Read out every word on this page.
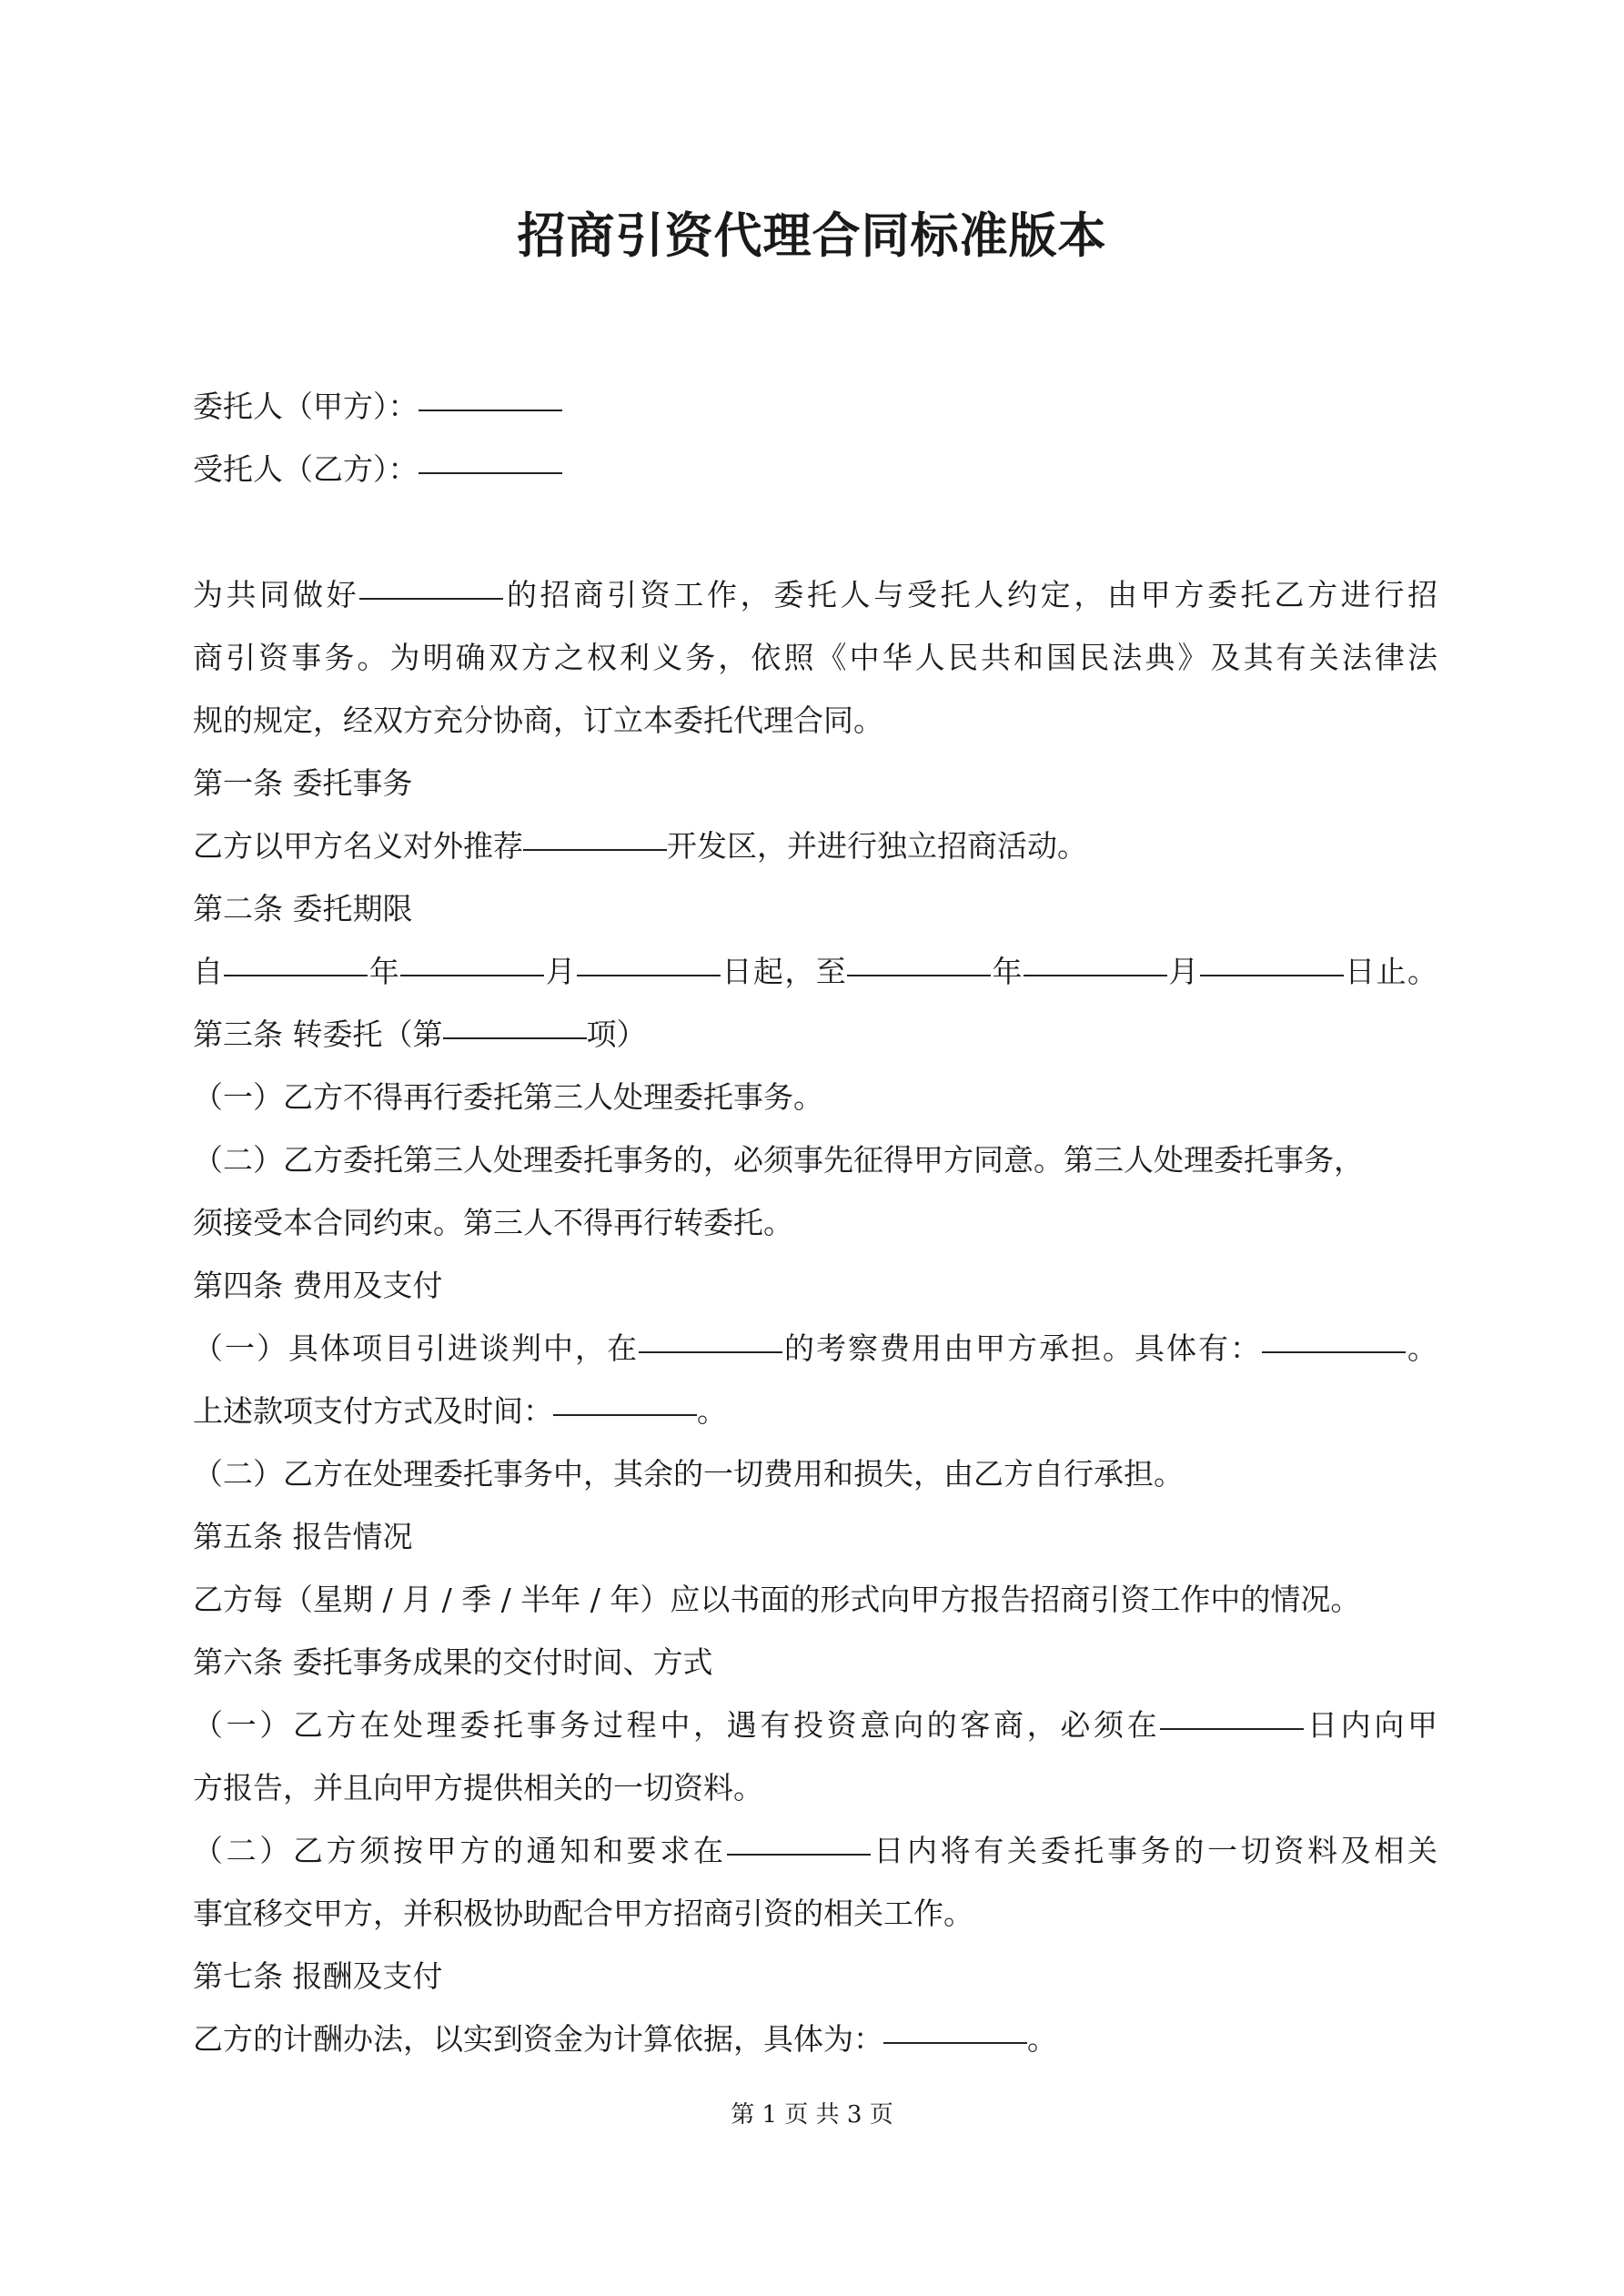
招商引资代理合同标准版本
委托人（甲方）：
受托人（乙方）：
为共同做好	的招商引资工作，委托人与受托人约定，由甲方委托乙方进行招
商引资事务。为明确双方之权利义务，依照《中华人民共和国民法典》及其有关法律法
规的规定，经双方充分协商，订立本委托代理合同。
第一条 委托事务
乙方以甲方名义对外推荐	开发区，并进行独立招商活动。
第二条 委托期限
自	年	月	日起，至	年	月	日止。
第三条 转委托（第	项）
（一）乙方不得再行委托第三人处理委托事务。
（二）乙方委托第三人处理委托事务的，必须事先征得甲方同意。第三人处理委托事务，
须接受本合同约束。第三人不得再行转委托。
第四条 费用及支付
（一）具体项目引进谈判中，在	的考察费用由甲方承担。具体有：	。
上述款项支付方式及时间：	。
（二）乙方在处理委托事务中，其余的一切费用和损失，由乙方自行承担。
第五条 报告情况
乙方每（星期 / 月 / 季 / 半年 / 年）应以书面的形式向甲方报告招商引资工作中的情况。
第六条 委托事务成果的交付时间、方式
（一）乙方在处理委托事务过程中，遇有投资意向的客商，必须在	日内向甲
方报告，并且向甲方提供相关的一切资料。
（二）乙方须按甲方的通知和要求在	日内将有关委托事务的一切资料及相关
事宜移交甲方，并积极协助配合甲方招商引资的相关工作。
第七条 报酬及支付
乙方的计酬办法，以实到资金为计算依据，具体为：	。
第 1 页 共 3 页
